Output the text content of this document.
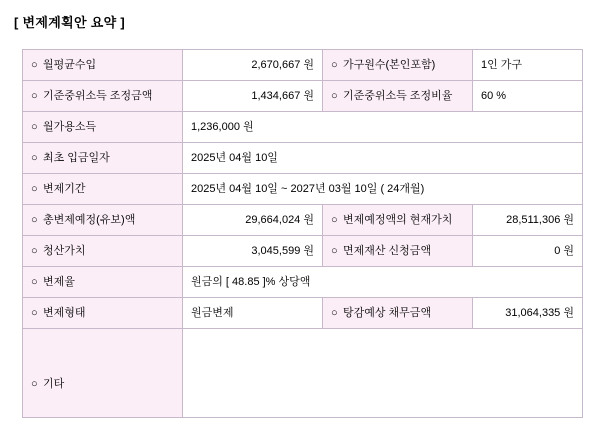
[ 변제계획안 요약 ]
○ 월평균수입	2,670,667 원	○ 가구원수(본인포함)	1인 가구
○ 기준중위소득 조정금액	1,434,667 원	○ 기준중위소득 조정비율	60 %
○ 월가용소득	1,236,000 원		
○ 최초 입금일자	2025년 04월 10일		
○ 변제기간	2025년 04월 10일 ~ 2027년 03월 10일 ( 24개월)		
○ 총변제예정(유보)액	29,664,024 원	○ 변제예정액의 현재가치	28,511,306 원
○ 청산가치	3,045,599 원	○ 면제재산 신청금액	0 원
○ 변제율	원금의 [ 48.85 ]% 상당액		
○ 변제형태	원금변제	○ 탕감예상 채무금액	31,064,335 원
○ 기타			
